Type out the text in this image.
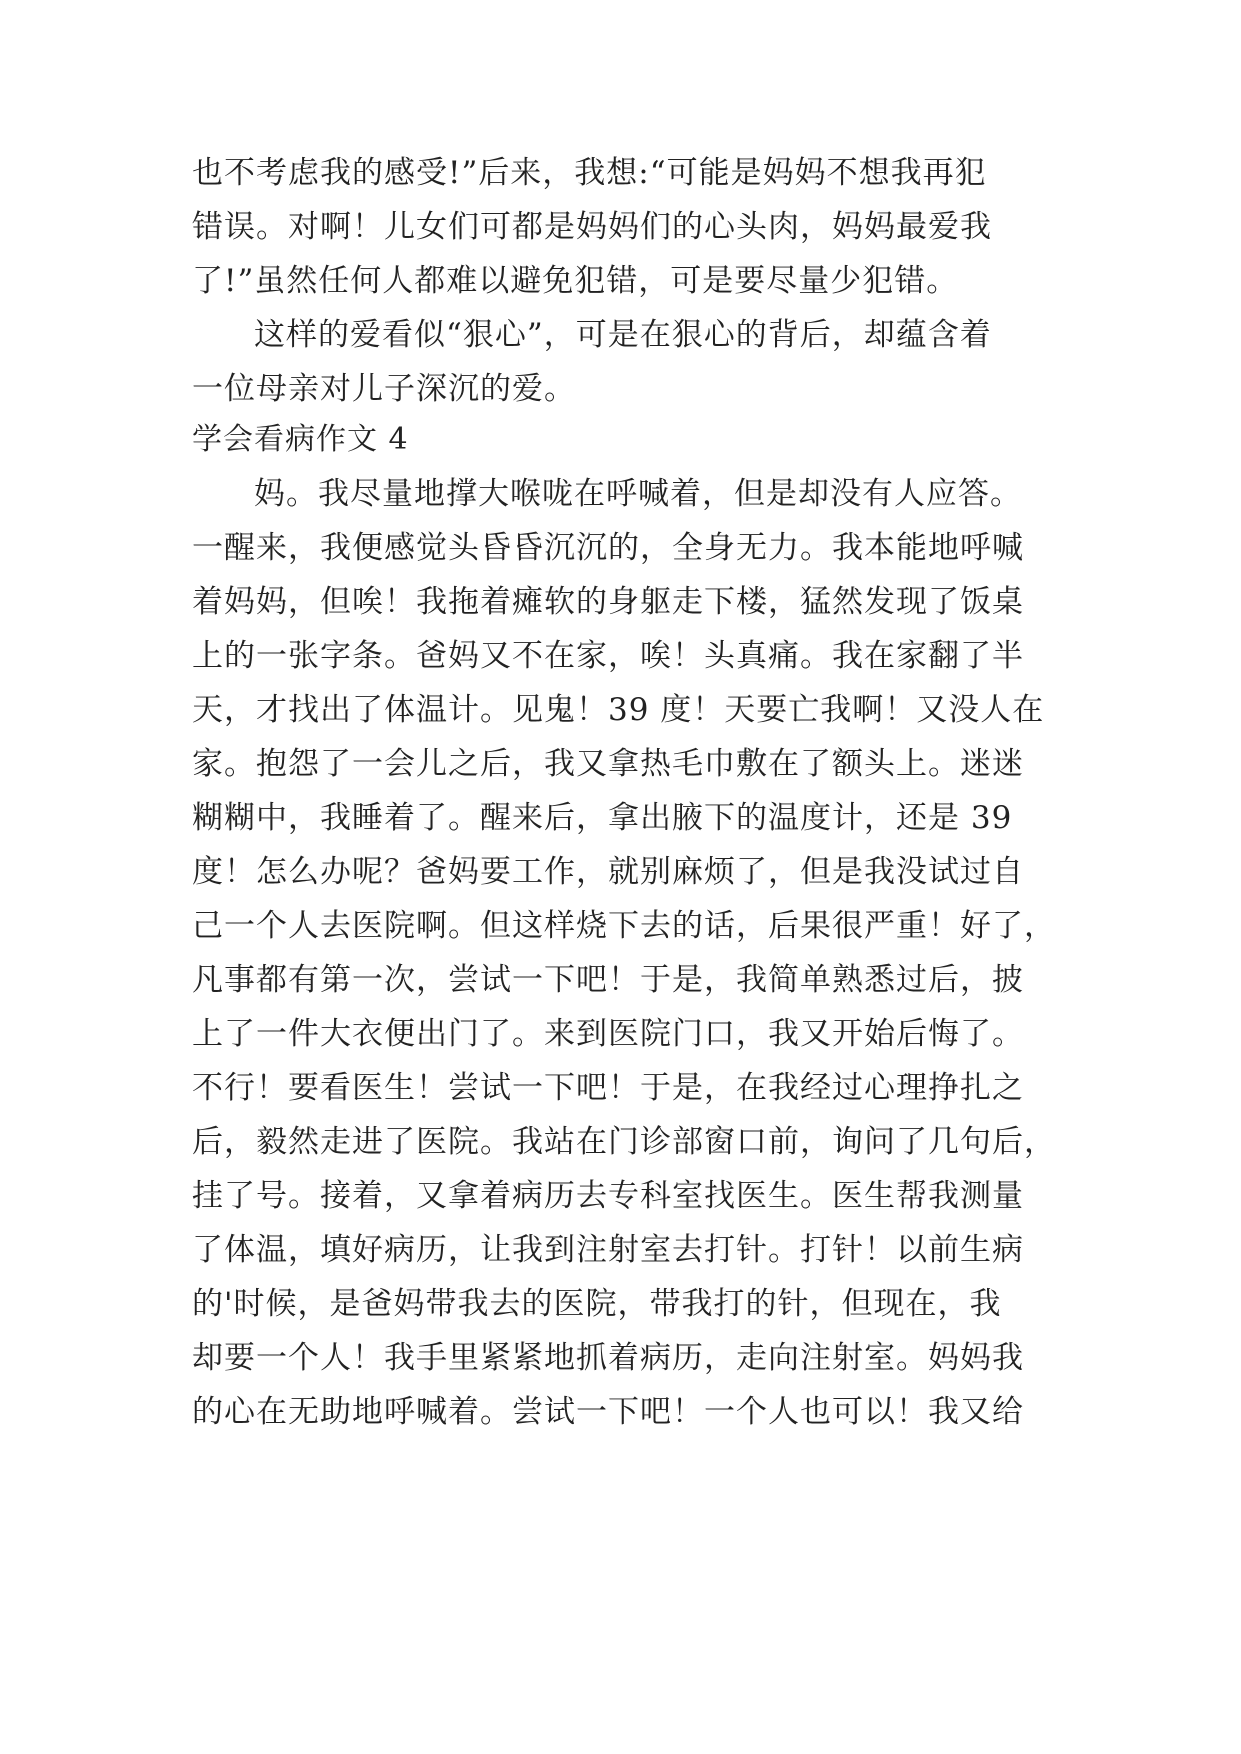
也不考虑我的感受!”后来，我想:“可能是妈妈不想我再犯
错误。对啊！儿女们可都是妈妈们的心头肉，妈妈最爱我
了!”虽然任何人都难以避免犯错，可是要尽量少犯错。
这样的爱看似“狠心”，可是在狠心的背后，却蕴含着
一位母亲对儿子深沉的爱。
学会看病作文 4
妈。我尽量地撑大喉咙在呼喊着，但是却没有人应答。
一醒来，我便感觉头昏昏沉沉的，全身无力。我本能地呼喊
着妈妈，但唉！我拖着瘫软的身躯走下楼，猛然发现了饭桌
上的一张字条。爸妈又不在家，唉！头真痛。我在家翻了半
天，才找出了体温计。见鬼！39 度！天要亡我啊！又没人在
家。抱怨了一会儿之后，我又拿热毛巾敷在了额头上。迷迷
糊糊中，我睡着了。醒来后，拿出腋下的温度计，还是 39
度！怎么办呢？爸妈要工作，就别麻烦了，但是我没试过自
己一个人去医院啊。但这样烧下去的话，后果很严重！好了，
凡事都有第一次，尝试一下吧！于是，我简单熟悉过后，披
上了一件大衣便出门了。来到医院门口，我又开始后悔了。
不行！要看医生！尝试一下吧！于是，在我经过心理挣扎之
后，毅然走进了医院。我站在门诊部窗口前，询问了几句后，
挂了号。接着，又拿着病历去专科室找医生。医生帮我测量
了体温，填好病历，让我到注射室去打针。打针！以前生病
的'时候，是爸妈带我去的医院，带我打的针，但现在，我
却要一个人！我手里紧紧地抓着病历，走向注射室。妈妈我
的心在无助地呼喊着。尝试一下吧！一个人也可以！我又给
